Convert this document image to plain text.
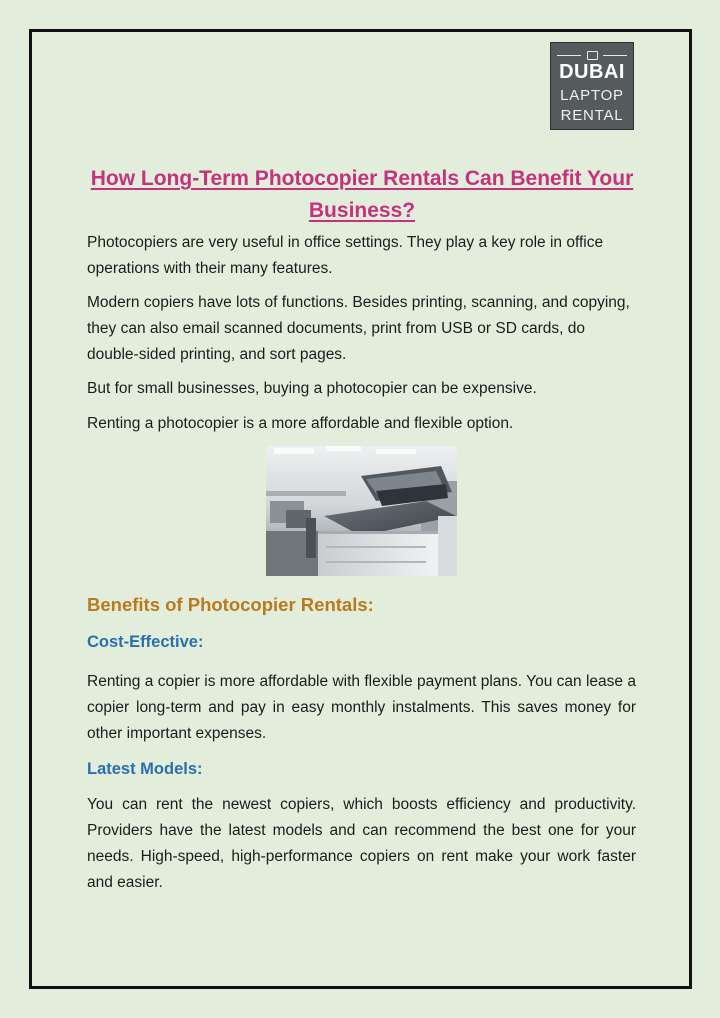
DUBAI
LAPTOP
RENTAL
How Long-Term Photocopier Rentals Can Benefit Your Business?

Photocopiers are very useful in office settings. They play a key role in office operations with their many features.

Modern copiers have lots of functions. Besides printing, scanning, and copying, they can also email scanned documents, print from USB or SD cards, do double-sided printing, and sort pages.

But for small businesses, buying a photocopier can be expensive.

Renting a photocopier is a more affordable and flexible option.

Benefits of Photocopier Rentals:
Cost-Effective:

Renting a copier is more affordable with flexible payment plans. You can lease a copier long-term and pay in easy monthly instalments. This saves money for other important expenses.

Latest Models:

You can rent the newest copiers, which boosts efficiency and productivity. Providers have the latest models and can recommend the best one for your needs. High-speed, high-performance copiers on rent make your work faster and easier.
